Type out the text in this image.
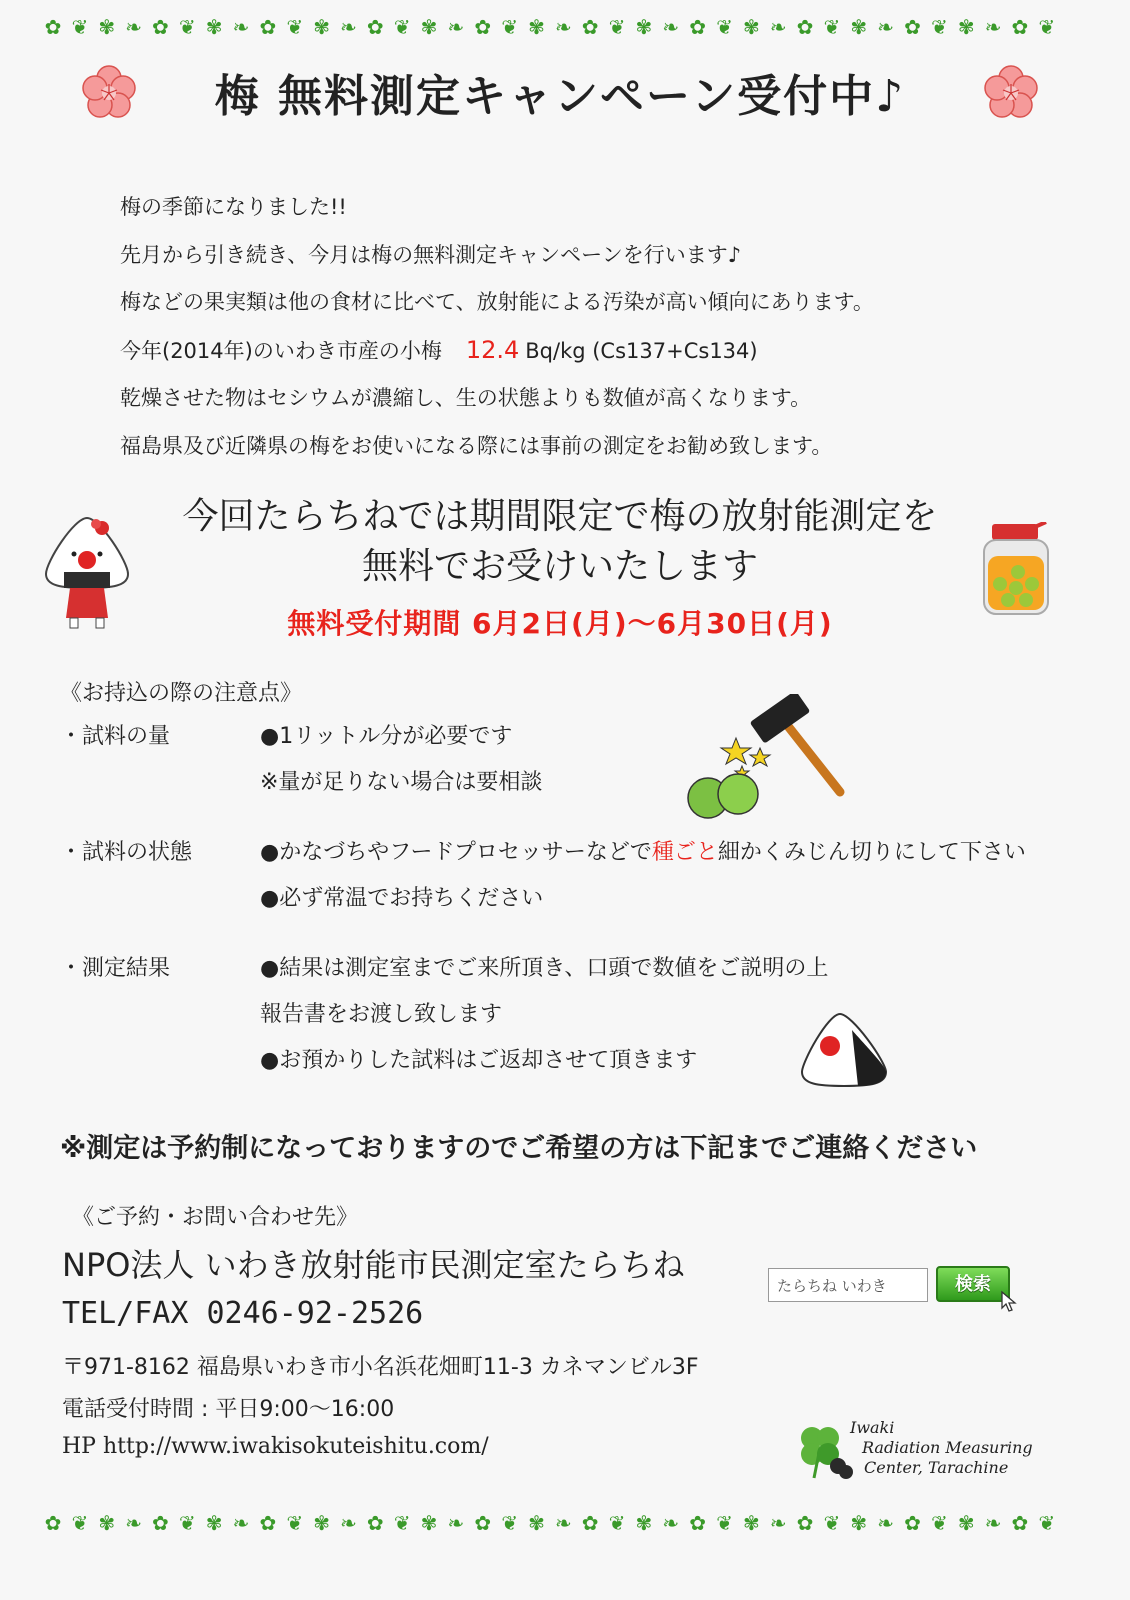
✿ ❦ ✾ ❧ ✿ ❦ ✾ ❧ ✿ ❦ ✾ ❧ ✿ ❦ ✾ ❧ ✿ ❦ ✾ ❧ ✿ ❦ ✾ ❧ ✿ ❦ ✾ ❧ ✿ ❦ ✾ ❧ ✿ ❦ ✾ ❧ ✿ ❦
✿ ❦ ✾ ❧ ✿ ❦ ✾ ❧ ✿ ❦ ✾ ❧ ✿ ❦ ✾ ❧ ✿ ❦ ✾ ❧ ✿ ❦ ✾ ❧ ✿ ❦ ✾ ❧ ✿ ❦ ✾ ❧ ✿ ❦ ✾ ❧ ✿ ❦
梅 無料測定キャンペーン受付中♪
梅の季節になりました!!
先月から引き続き、今月は梅の無料測定キャンペーンを行います♪
梅などの果実類は他の食材に比べて、放射能による汚染が高い傾向にあります。
今年(2014年)のいわき市産の小梅 12.4 Bq/kg (Cs137+Cs134)
乾燥させた物はセシウムが濃縮し、生の状態よりも数値が高くなります。
福島県及び近隣県の梅をお使いになる際には事前の測定をお勧め致します。
今回たらちねでは期間限定で梅の放射能測定を
無料でお受けいたします
無料受付期間 6月2日(月)〜6月30日(月)
《お持込の際の注意点》
・試料の量	●1リットル分が必要です
※量が足りない場合は要相談
・試料の状態	●かなづちやフードプロセッサーなどで種ごと細かくみじん切りにして下さい
●必ず常温でお持ちください
・測定結果	●結果は測定室までご来所頂き、口頭で数値をご説明の上
報告書をお渡し致します
●お預かりした試料はご返却させて頂きます
※測定は予約制になっておりますのでご希望の方は下記までご連絡ください
《ご予約・お問い合わせ先》
NPO法人 いわき放射能市民測定室たらちね
TEL/FAX 0246-92-2526
〒971-8162 福島県いわき市小名浜花畑町11-3 カネマンビル3F
電話受付時間 : 平日9:00〜16:00
HP http://www.iwakisokuteishitu.com/
たらちね いわき	検索
Iwaki
Radiation Measuring
Center, Tarachine
